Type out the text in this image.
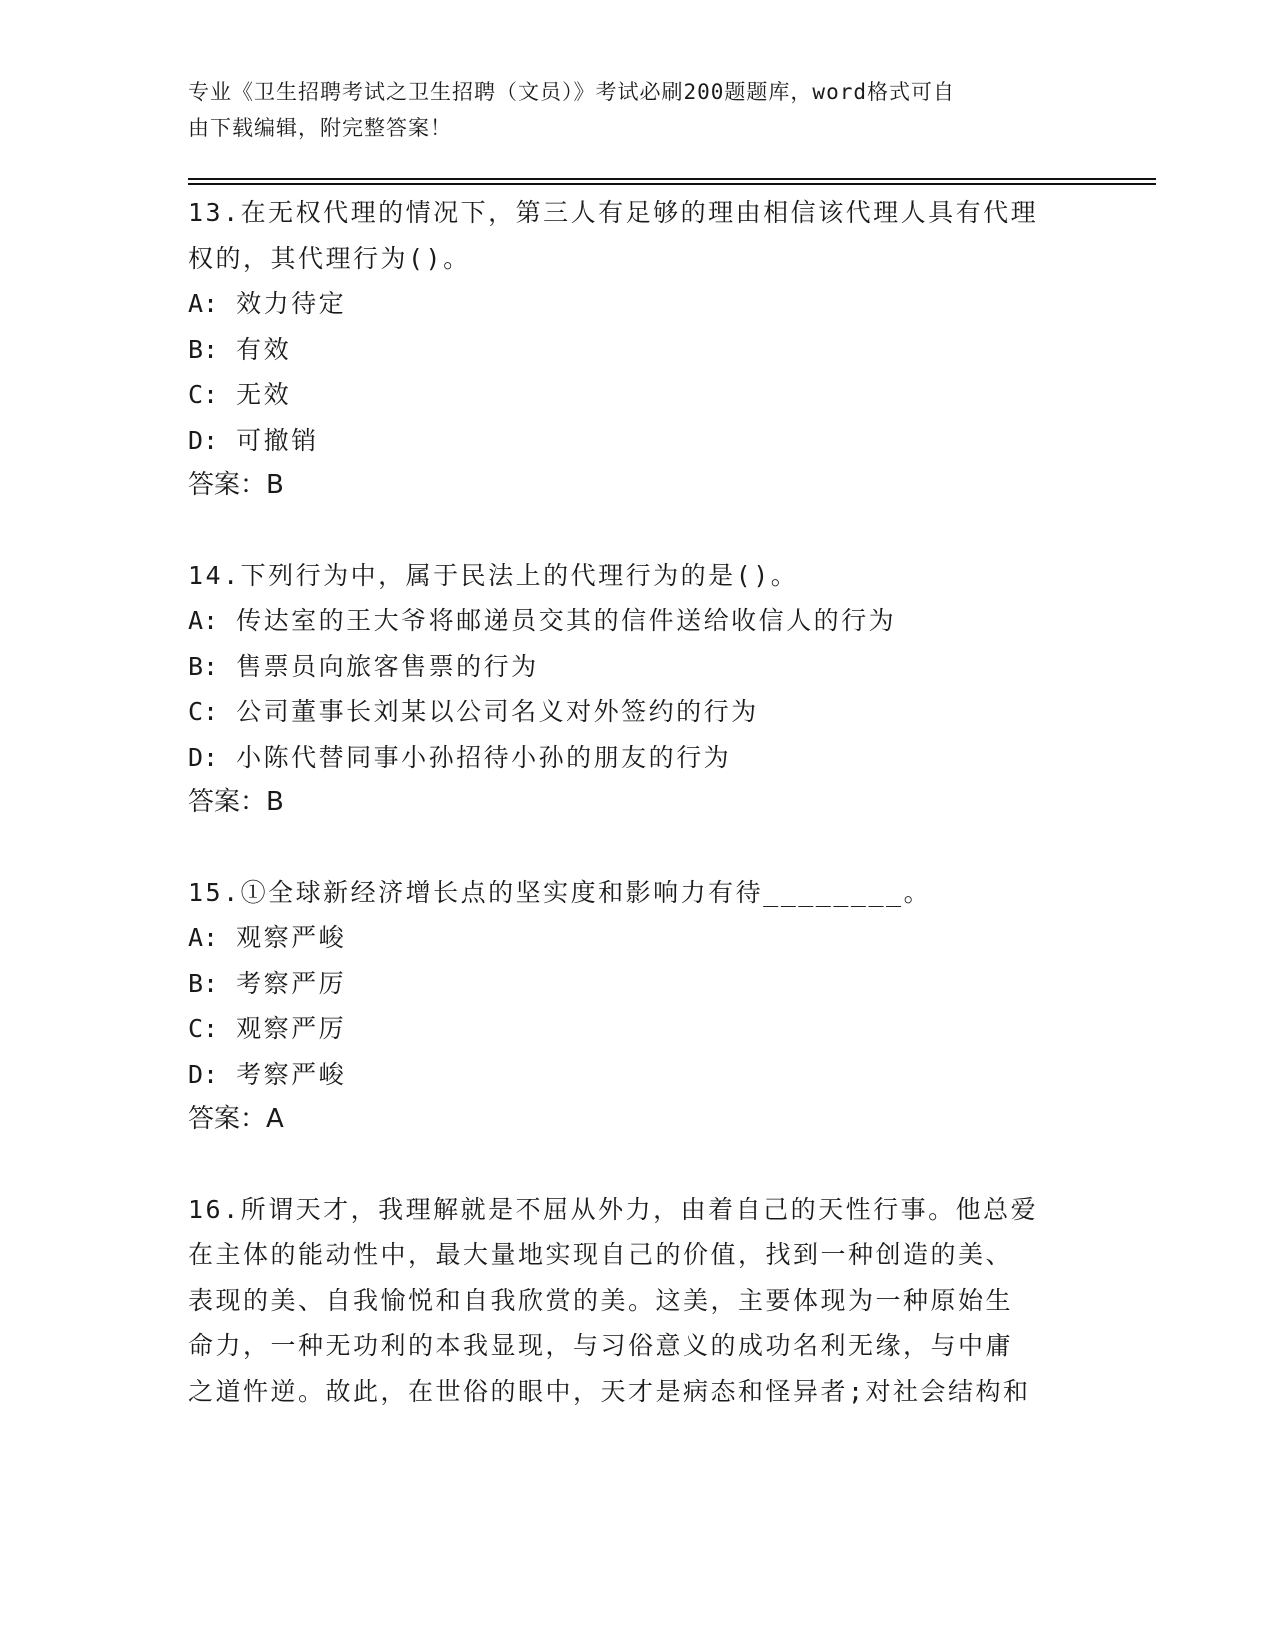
专业《卫生招聘考试之卫生招聘（文员）》考试必刷200题题库，word格式可自
由下载编辑，附完整答案！

13.在无权代理的情况下，第三人有足够的理由相信该代理人具有代理

权的，其代理行为()。

A: 效力待定

B: 有效

C: 无效

D: 可撤销

答案：B

14.下列行为中，属于民法上的代理行为的是()。

A: 传达室的王大爷将邮递员交其的信件送给收信人的行为

B: 售票员向旅客售票的行为

C: 公司董事长刘某以公司名义对外签约的行为

D: 小陈代替同事小孙招待小孙的朋友的行为

答案：B

15.①全球新经济增长点的坚实度和影响力有待________。

A: 观察严峻

B: 考察严厉

C: 观察严厉

D: 考察严峻

答案：A

16.所谓天才，我理解就是不屈从外力，由着自己的天性行事。他总爱

在主体的能动性中，最大量地实现自己的价值，找到一种创造的美、

表现的美、自我愉悦和自我欣赏的美。这美，主要体现为一种原始生

命力，一种无功利的本我显现，与习俗意义的成功名利无缘，与中庸

之道忤逆。故此，在世俗的眼中，天才是病态和怪异者;对社会结构和
